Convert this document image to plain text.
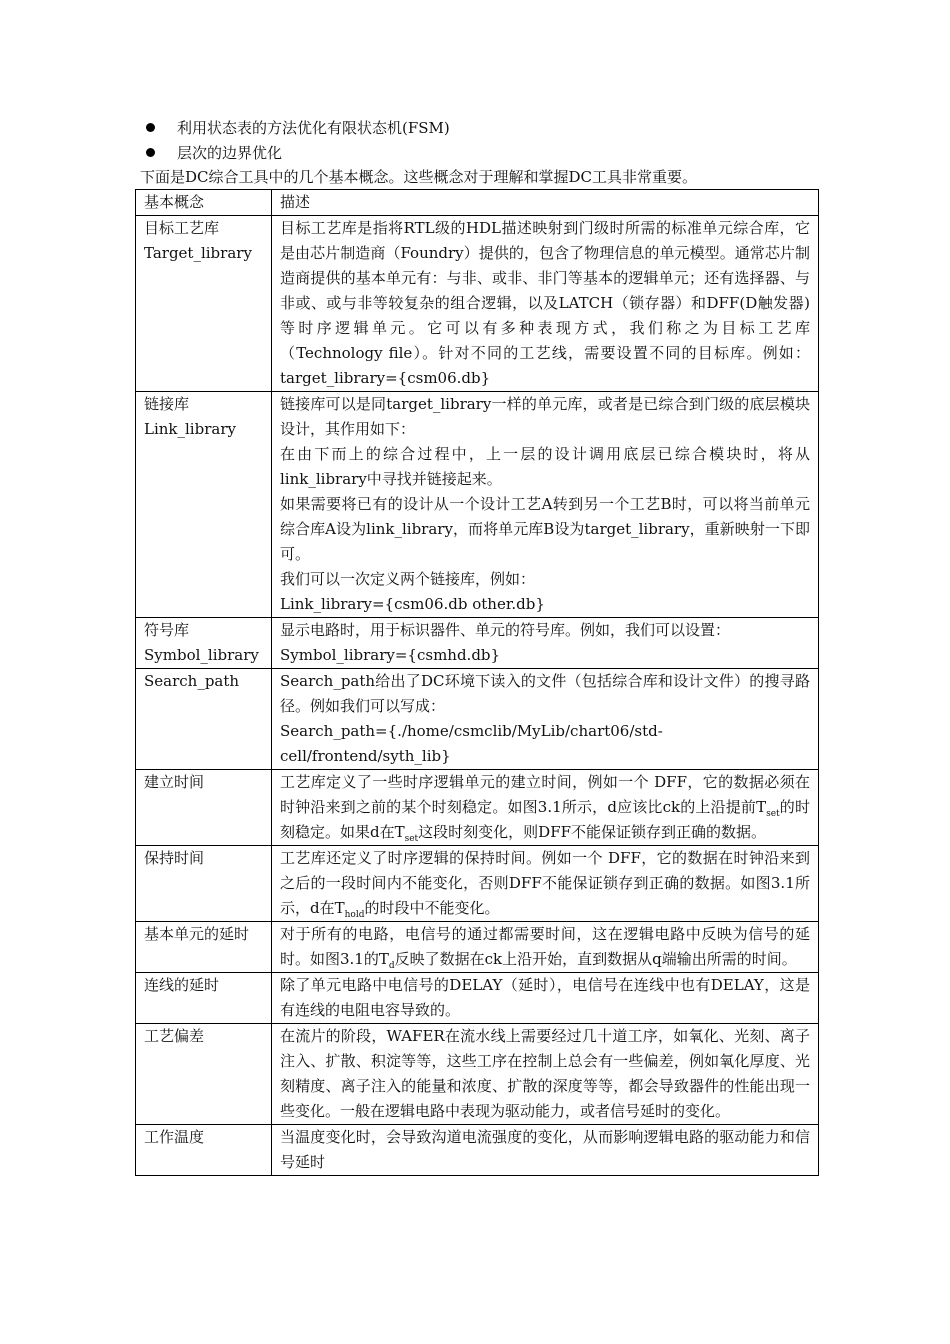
利用状态表的方法优化有限状态机(FSM)
层次的边界优化
下面是DC综合工具中的几个基本概念。这些概念对于理解和掌握DC工具非常重要。
基本概念	描述

目标工艺库
Target_library	目标工艺库是指将RTL级的HDL描述映射到门级时所需的标准单元综合库，它是由芯片制造商（Foundry）提供的，包含了物理信息的单元模型。通常芯片制造商提供的基本单元有：与非、或非、非门等基本的逻辑单元；还有选择器、与非或、或与非等较复杂的组合逻辑，以及LATCH（锁存器）和DFF(D触发器)等时序逻辑单元。它可以有多种表现方式，我们称之为目标工艺库（Technology file）。针对不同的工艺线，需要设置不同的目标库。例如：target_library={csm06.db}

链接库
Link_library	链接库可以是同target_library一样的单元库，或者是已综合到门级的底层模块设计，其作用如下：
在由下而上的综合过程中，上一层的设计调用底层已综合模块时，将从link_library中寻找并链接起来。
如果需要将已有的设计从一个设计工艺A转到另一个工艺B时，可以将当前单元综合库A设为link_library，而将单元库B设为target_library，重新映射一下即可。
我们可以一次定义两个链接库，例如：
Link_library={csm06.db other.db}

符号库
Symbol_library	显示电路时，用于标识器件、单元的符号库。例如，我们可以设置：
Symbol_library={csmhd.db}

Search_path	Search_path给出了DC环境下读入的文件（包括综合库和设计文件）的搜寻路径。例如我们可以写成：
Search_path={./home/csmclib/MyLib/chart06/std-cell/frontend/syth_lib}

建立时间	工艺库定义了一些时序逻辑单元的建立时间，例如一个 DFF，它的数据必须在时钟沿来到之前的某个时刻稳定。如图3.1所示，d应该比ck的上沿提前$T_{set}$的时刻稳定。如果d在$T_{set}$这段时刻变化，则DFF不能保证锁存到正确的数据。

保持时间	工艺库还定义了时序逻辑的保持时间。例如一个 DFF，它的数据在时钟沿来到之后的一段时间内不能变化，否则DFF不能保证锁存到正确的数据。如图3.1所示，d在$T_{hold}$的时段中不能变化。

基本单元的延时	对于所有的电路，电信号的通过都需要时间，这在逻辑电路中反映为信号的延时。如图3.1的$T_d$反映了数据在ck上沿开始，直到数据从q端输出所需的时间。

连线的延时	除了单元电路中电信号的DELAY（延时），电信号在连线中也有DELAY，这是有连线的电阻电容导致的。

工艺偏差	在流片的阶段，WAFER在流水线上需要经过几十道工序，如氧化、光刻、离子注入、扩散、积淀等等，这些工序在控制上总会有一些偏差，例如氧化厚度、光刻精度、离子注入的能量和浓度、扩散的深度等等，都会导致器件的性能出现一些变化。一般在逻辑电路中表现为驱动能力，或者信号延时的变化。

工作温度	当温度变化时，会导致沟道电流强度的变化，从而影响逻辑电路的驱动能力和信号延时
